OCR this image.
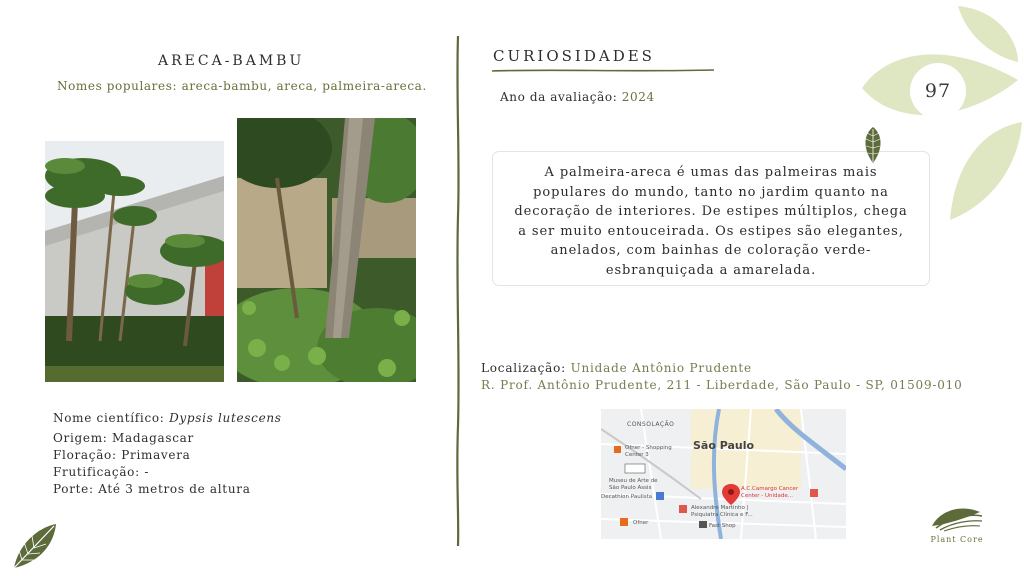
ARECA-BAMBU
Nomes populares: areca-bambu, areca, palmeira-areca.
Nome científico: Dypsis lutescens
Origem: Madagascar
Floração: Primavera
Frutificação: -
Porte: Até 3 metros de altura
CURIOSIDADES
Ano da avaliação: 2024
A palmeira-areca é umas das palmeiras mais populares do mundo, tanto no jardim quanto na decoração de interiores. De estipes múltiplos, chega a ser muito entouceirada. Os estipes são elegantes, anelados, com bainhas de coloração verde-esbranquiçada a amarelada.
Localização: Unidade Antônio Prudente
R. Prof. Antônio Prudente, 211 - Liberdade, São Paulo - SP, 01509-010
CONSOLAÇÃO
São Paulo
Ofner - Shopping
Center 3
Museu de Arte de
São Paulo Assis
Decathlon Paulista
Alexandre Martinho |
Psiquiatra Clínica e F...
A.C.Camargo Cancer
Center - Unidade...
Ofner	Fast Shop
97
Plant Core
